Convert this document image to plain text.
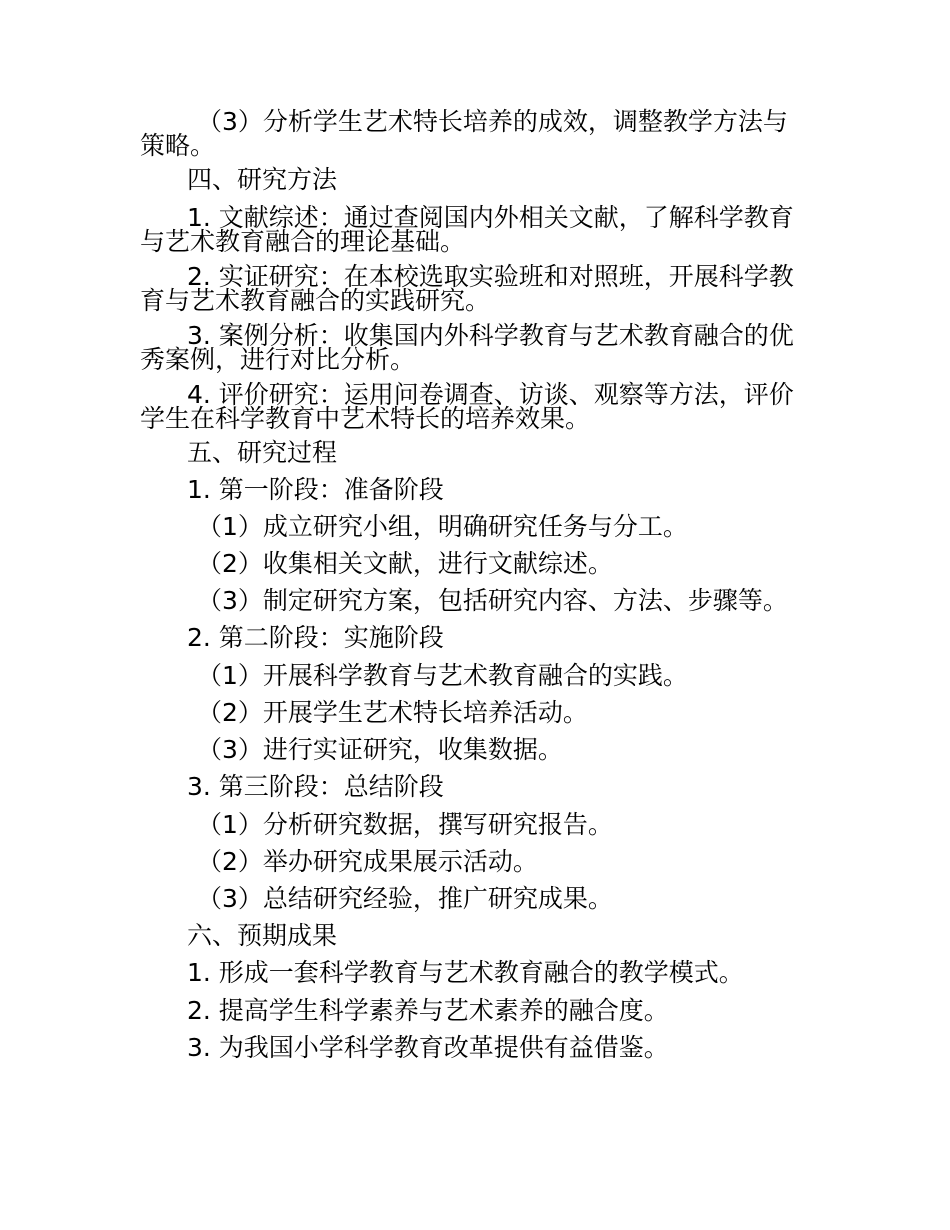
（3）分析学生艺术特长培养的成效，调整教学方法与策略。
四、研究方法
1. 文献综述：通过查阅国内外相关文献，了解科学教育与艺术教育融合的理论基础。
2. 实证研究：在本校选取实验班和对照班，开展科学教育与艺术教育融合的实践研究。
3. 案例分析：收集国内外科学教育与艺术教育融合的优秀案例，进行对比分析。
4. 评价研究：运用问卷调查、访谈、观察等方法，评价学生在科学教育中艺术特长的培养效果。
五、研究过程
1. 第一阶段：准备阶段
（1）成立研究小组，明确研究任务与分工。
（2）收集相关文献，进行文献综述。
（3）制定研究方案，包括研究内容、方法、步骤等。
2. 第二阶段：实施阶段
（1）开展科学教育与艺术教育融合的实践。
（2）开展学生艺术特长培养活动。
（3）进行实证研究，收集数据。
3. 第三阶段：总结阶段
（1）分析研究数据，撰写研究报告。
（2）举办研究成果展示活动。
（3）总结研究经验，推广研究成果。
六、预期成果
1. 形成一套科学教育与艺术教育融合的教学模式。
2. 提高学生科学素养与艺术素养的融合度。
3. 为我国小学科学教育改革提供有益借鉴。
